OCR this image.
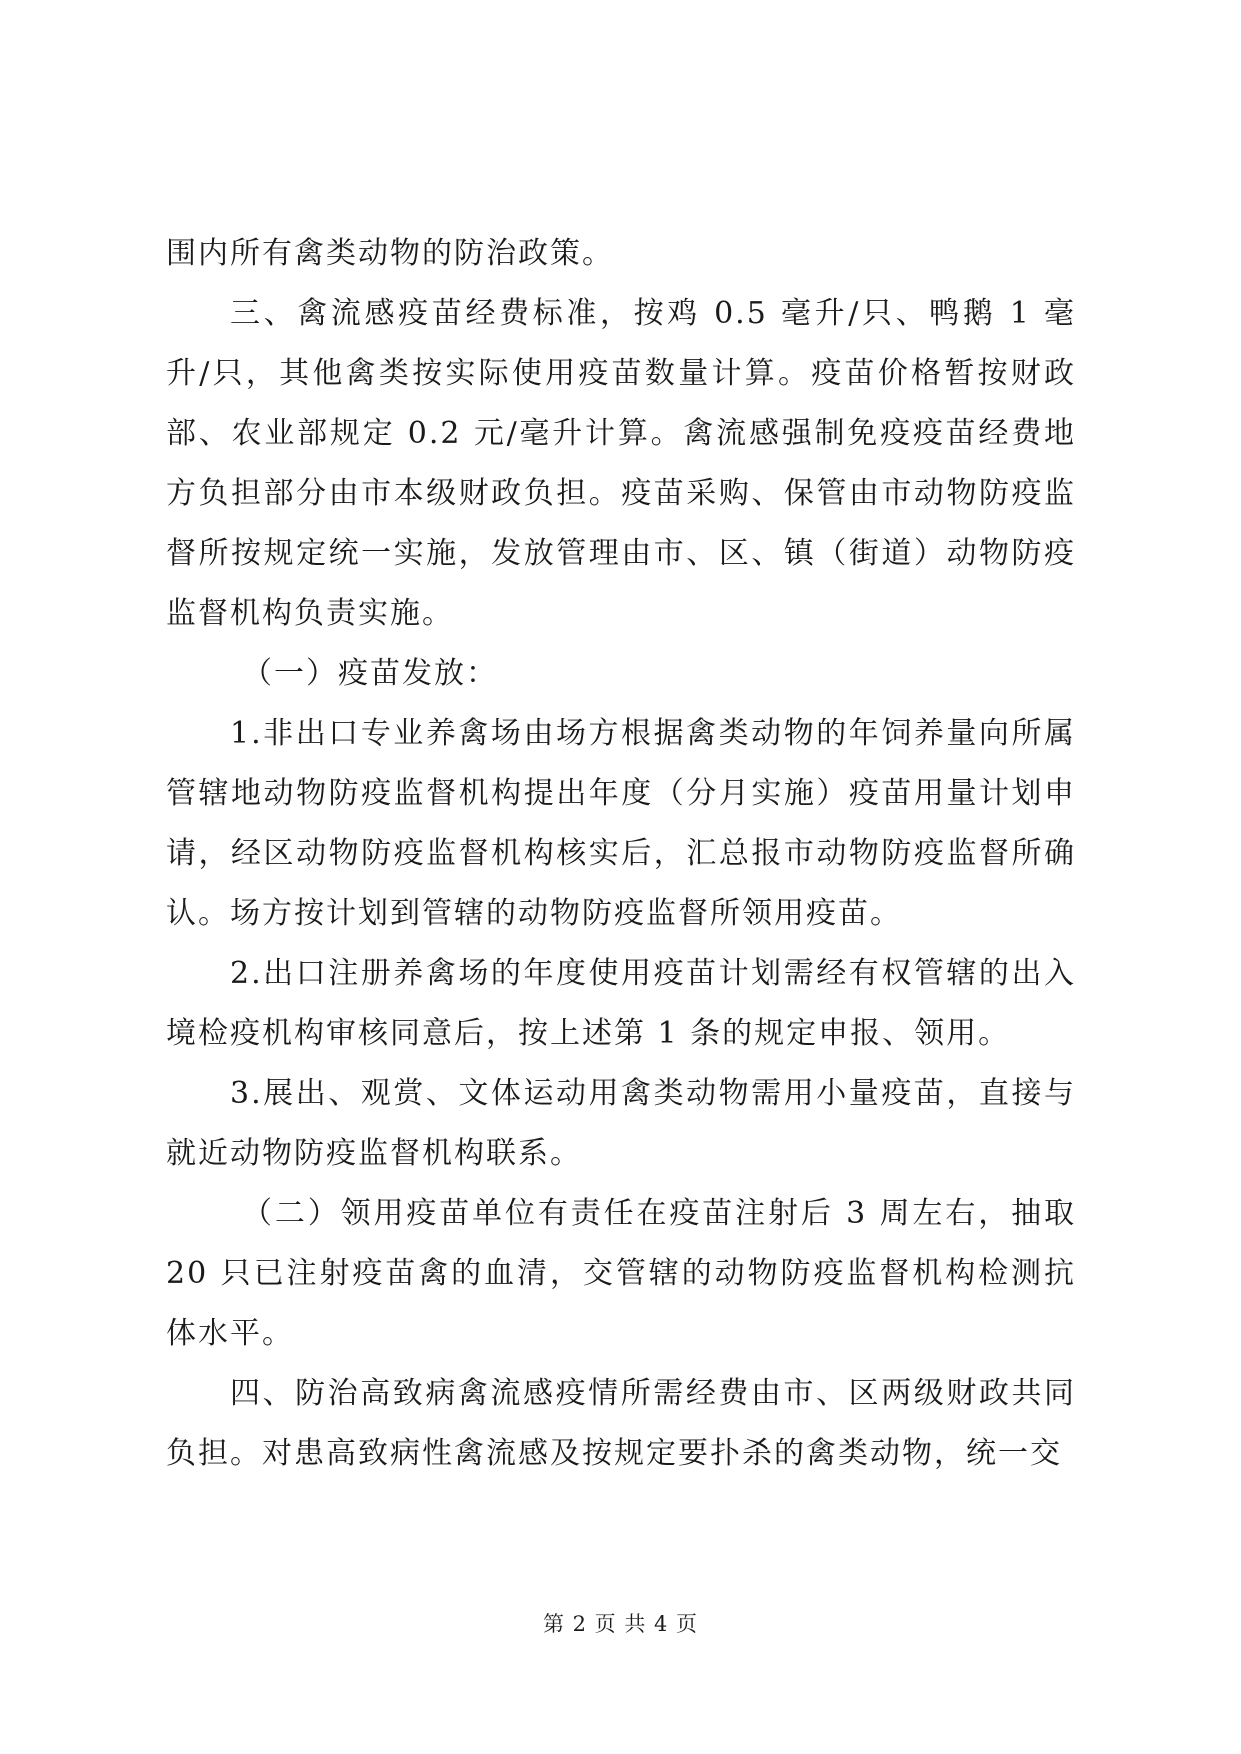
围内所有禽类动物的防治政策。

三、禽流感疫苗经费标准，按鸡 0.5 毫升/只、鸭鹅 1 毫升/只，其他禽类按实际使用疫苗数量计算。疫苗价格暂按财政部、农业部规定 0.2 元/毫升计算。禽流感强制免疫疫苗经费地方负担部分由市本级财政负担。疫苗采购、保管由市动物防疫监督所按规定统一实施，发放管理由市、区、镇（街道）动物防疫监督机构负责实施。

（一）疫苗发放：

1.非出口专业养禽场由场方根据禽类动物的年饲养量向所属管辖地动物防疫监督机构提出年度（分月实施）疫苗用量计划申请，经区动物防疫监督机构核实后，汇总报市动物防疫监督所确认。场方按计划到管辖的动物防疫监督所领用疫苗。

2.出口注册养禽场的年度使用疫苗计划需经有权管辖的出入境检疫机构审核同意后，按上述第 1 条的规定申报、领用。

3.展出、观赏、文体运动用禽类动物需用小量疫苗，直接与就近动物防疫监督机构联系。

（二）领用疫苗单位有责任在疫苗注射后 3 周左右，抽取 20 只已注射疫苗禽的血清，交管辖的动物防疫监督机构检测抗体水平。

四、防治高致病禽流感疫情所需经费由市、区两级财政共同负担。对患高致病性禽流感及按规定要扑杀的禽类动物，统一交

第 2 页 共 4 页
